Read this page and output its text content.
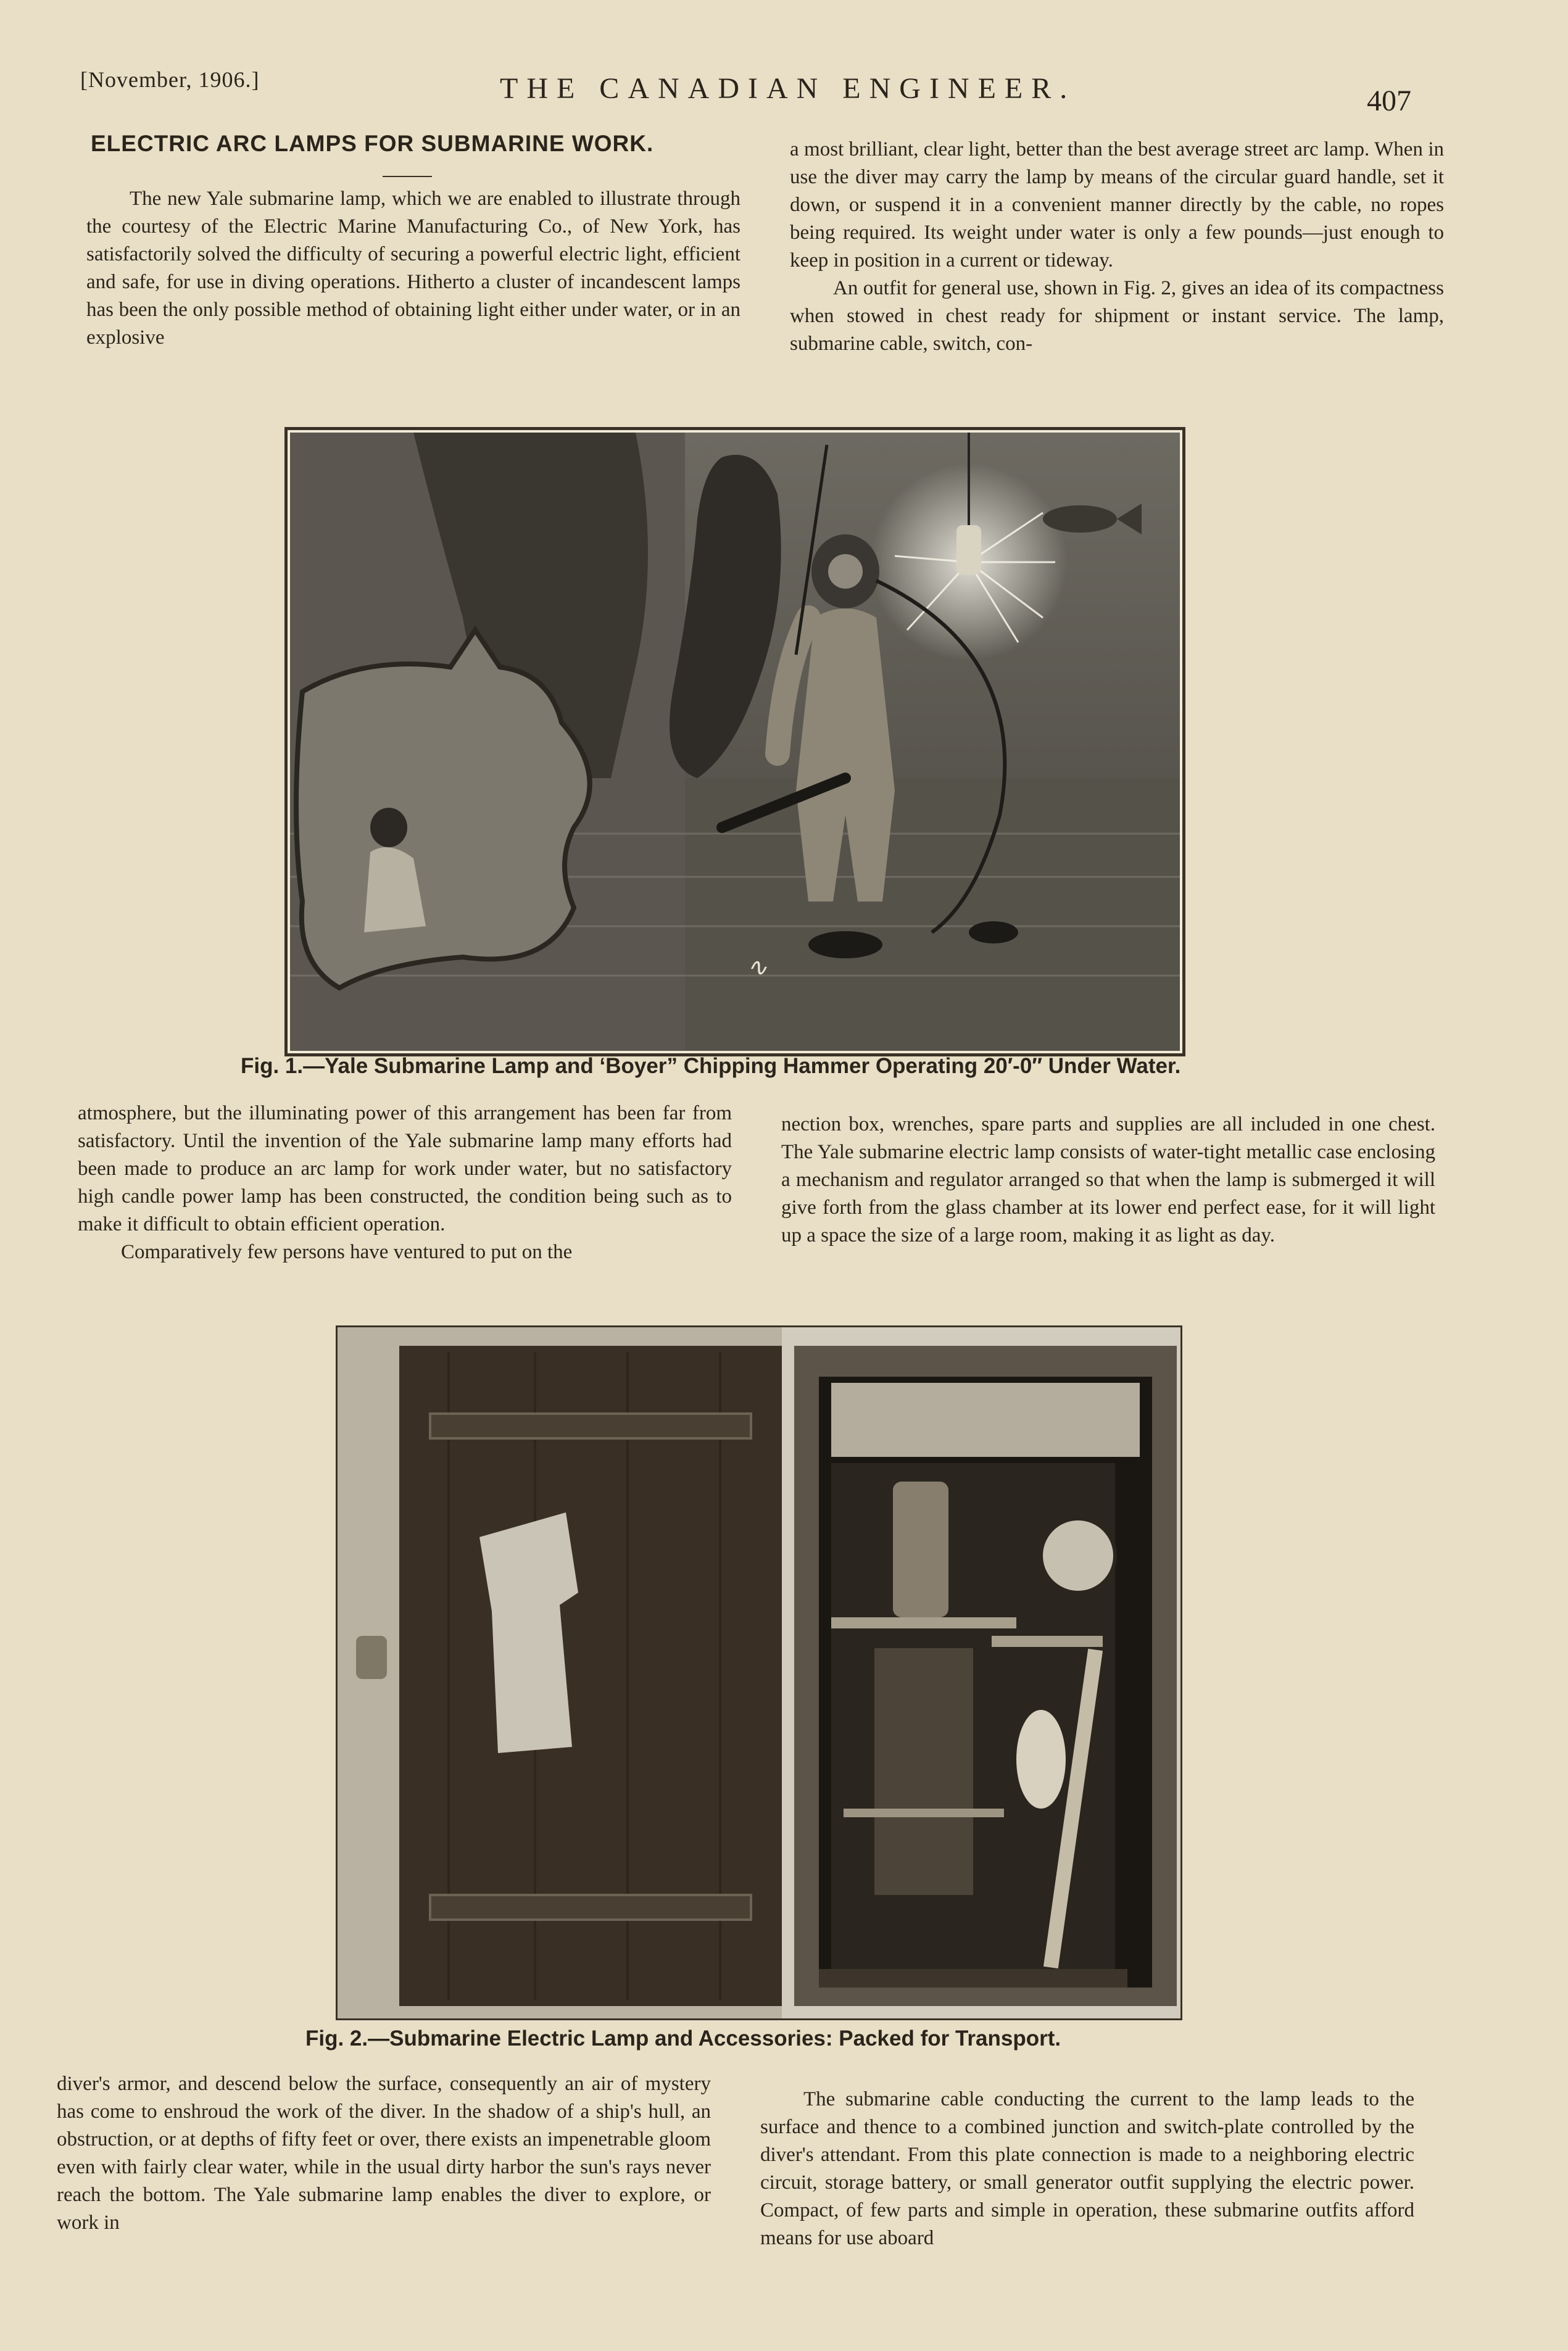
[November, 1906.]	THE CANADIAN ENGINEER.	407
ELECTRIC ARC LAMPS FOR SUBMARINE WORK.

The new Yale submarine lamp, which we are enabled to illustrate through the courtesy of the Electric Marine Manufacturing Co., of New York, has satisfactorily solved the difficulty of securing a powerful electric light, efficient and safe, for use in diving operations. Hitherto a cluster of incandescent lamps has been the only possible method of obtaining light either under water, or in an explosive

a most brilliant, clear light, better than the best average street arc lamp. When in use the diver may carry the lamp by means of the circular guard handle, set it down, or suspend it in a convenient manner directly by the cable, no ropes being required. Its weight under water is only a few pounds—just enough to keep in position in a current or tideway.

An outfit for general use, shown in Fig. 2, gives an idea of its compactness when stowed in chest ready for shipment or instant service. The lamp, submarine cable, switch, con-

∿
Fig. 1.—Yale Submarine Lamp and ‘Boyer” Chipping Hammer Operating 20′-0″ Under Water.

atmosphere, but the illuminating power of this arrangement has been far from satisfactory. Until the invention of the Yale submarine lamp many efforts had been made to produce an arc lamp for work under water, but no satisfactory high candle power lamp has been constructed, the condition being such as to make it difficult to obtain efficient operation.

Comparatively few persons have ventured to put on the

nection box, wrenches, spare parts and supplies are all included in one chest. The Yale submarine electric lamp consists of water-tight metallic case enclosing a mechanism and regulator arranged so that when the lamp is submerged it will give forth from the glass chamber at its lower end perfect ease, for it will light up a space the size of a large room, making it as light as day.

Fig. 2.—Submarine Electric Lamp and Accessories: Packed for Transport.

diver's armor, and descend below the surface, consequently an air of mystery has come to enshroud the work of the diver. In the shadow of a ship's hull, an obstruction, or at depths of fifty feet or over, there exists an impenetrable gloom even with fairly clear water, while in the usual dirty harbor the sun's rays never reach the bottom. The Yale submarine lamp enables the diver to explore, or work in

The submarine cable conducting the current to the lamp leads to the surface and thence to a combined junction and switch-plate controlled by the diver's attendant. From this plate connection is made to a neighboring electric circuit, storage battery, or small generator outfit supplying the electric power. Compact, of few parts and simple in operation, these submarine outfits afford means for use aboard
